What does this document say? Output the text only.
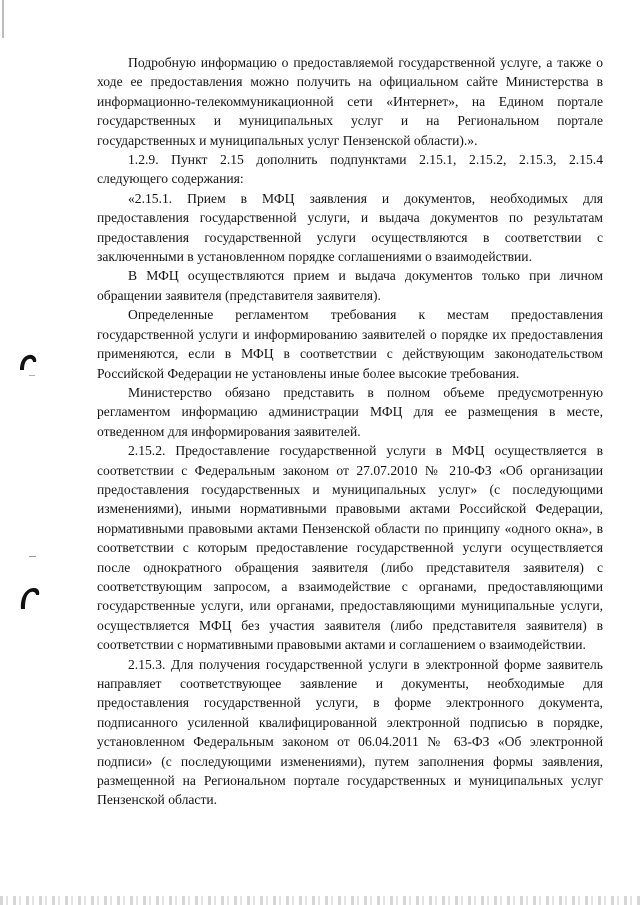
Подробную информацию о предоставляемой государственной услуге, а также о ходе ее предоставления можно получить на официальном сайте Министерства в информационно-телекоммуникационной сети «Интернет», на Едином портале государственных и муниципальных услуг и на Региональном портале государственных и муниципальных услуг Пензенской области).».

1.2.9. Пункт 2.15 дополнить подпунктами 2.15.1, 2.15.2, 2.15.3, 2.15.4 следующего содержания:

«2.15.1. Прием в МФЦ заявления и документов, необходимых для предоставления государственной услуги, и выдача документов по результатам предоставления государственной услуги осуществляются в соответствии с заключенными в установленном порядке соглашениями о взаимодействии.

В МФЦ осуществляются прием и выдача документов только при личном обращении заявителя (представителя заявителя).

Определенные регламентом требования к местам предоставления государственной услуги и информированию заявителей о порядке их предоставления применяются, если в МФЦ в соответствии с действующим законодательством Российской Федерации не установлены иные более высокие требования.

Министерство обязано представить в полном объеме предусмотренную регламентом информацию администрации МФЦ для ее размещения в месте, отведенном для информирования заявителей.

2.15.2. Предоставление государственной услуги в МФЦ осуществляется в соответствии с Федеральным законом от 27.07.2010 № 210-ФЗ «Об организации предоставления государственных и муниципальных услуг» (с последующими изменениями), иными нормативными правовыми актами Российской Федерации, нормативными правовыми актами Пензенской области по принципу «одного окна», в соответствии с которым предоставление государственной услуги осуществляется после однократного обращения заявителя (либо представителя заявителя) с соответствующим запросом, а взаимодействие с органами, предоставляющими государственные услуги, или органами, предоставляющими муниципальные услуги, осуществляется МФЦ без участия заявителя (либо представителя заявителя) в соответствии с нормативными правовыми актами и соглашением о взаимодействии.

2.15.3. Для получения государственной услуги в электронной форме заявитель направляет соответствующее заявление и документы, необходимые для предоставления государственной услуги, в форме электронного документа, подписанного усиленной квалифицированной электронной подписью в порядке, установленном Федеральным законом от 06.04.2011 № 63-ФЗ «Об электронной подписи» (с последующими изменениями), путем заполнения формы заявления, размещенной на Региональном портале государственных и муниципальных услуг Пензенской области.
